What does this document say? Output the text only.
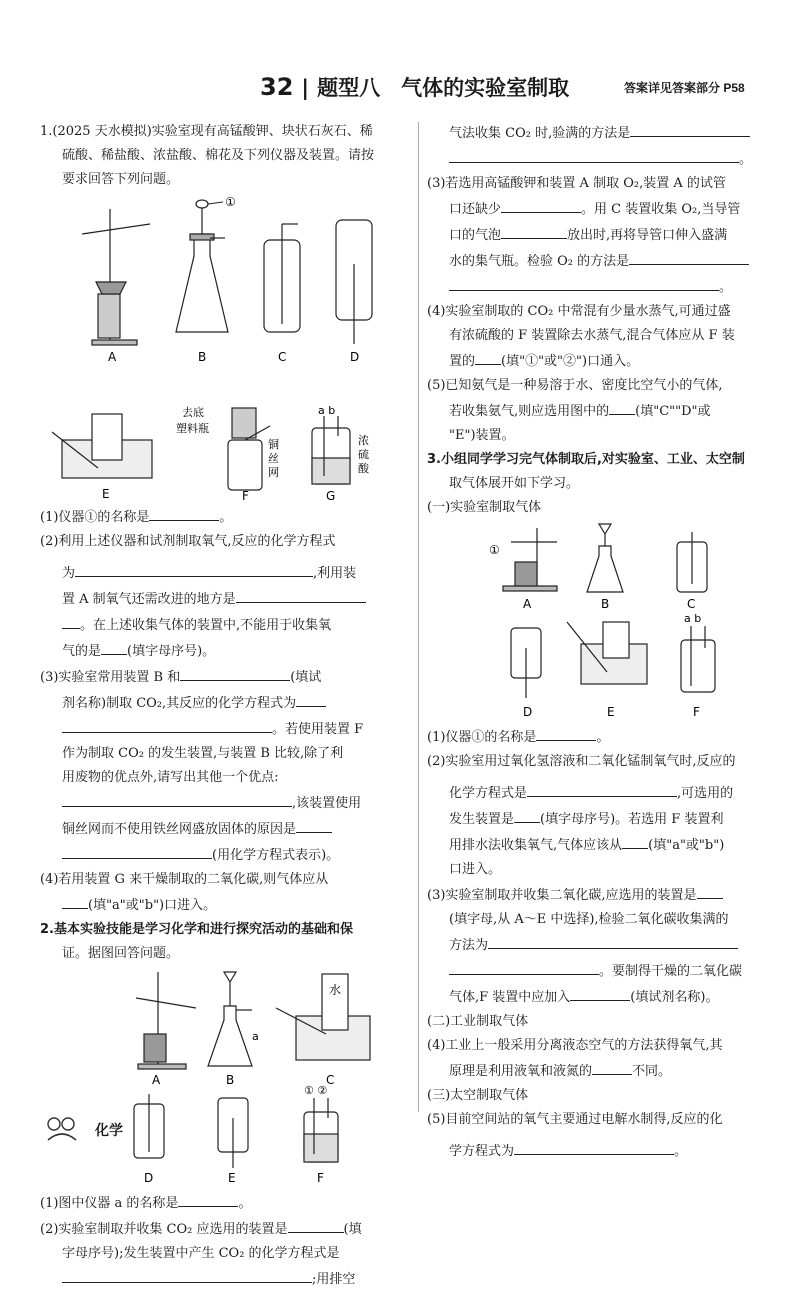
32 | 题型八　气体的实验室制取	答案详见答案部分 P58

1.(2025 天水模拟)实验室现有高锰酸钾、块状石灰石、稀

硫酸、稀盐酸、浓盐酸、棉花及下列仪器及装置。请按

要求回答下列问题。

A
①
B	C	D
E
去底
塑料瓶
铜
丝
网
F
a b
浓
硫
酸
G

(1)仪器①的名称是	。

(2)利用上述仪器和试剂制取氧气,反应的化学方程式

为	,利用装

置 A 制氧气还需改进的地方是

。在上述收集气体的装置中,不能用于收集氧

气的是 (填字母序号)。

(3)实验室常用装置 B 和	(填试

剂名称)制取 CO₂,其反应的化学方程式为

。若使用装置 F

作为制取 CO₂ 的发生装置,与装置 B 比较,除了利

用废物的优点外,请写出其他一个优点:

,该装置使用

铜丝网而不使用铁丝网盛放固体的原因是

(用化学方程式表示)。

(4)若用装置 G 来干燥制取的二氧化碳,则气体应从

(填"a"或"b")口进入。

2.基本实验技能是学习化学和进行探究活动的基础和保

证。据图回答问题。

A
a
B
水
C
D	E
① ②
F

(1)图中仪器 a 的名称是	。

(2)实验室制取并收集 CO₂ 应选用的装置是	(填

字母序号);发生装置中产生 CO₂ 的化学方程式是

;用排空

气法收集 CO₂ 时,验满的方法是

。

(3)若选用高锰酸钾和装置 A 制取 O₂,装置 A 的试管

口还缺少	。用 C 装置收集 O₂,当导管

口的气泡	放出时,再将导管口伸入盛满

水的集气瓶。检验 O₂ 的方法是

。

(4)实验室制取的 CO₂ 中常混有少量水蒸气,可通过盛

有浓硫酸的 F 装置除去水蒸气,混合气体应从 F 装

置的 (填"①"或"②")口通入。

(5)已知氨气是一种易溶于水、密度比空气小的气体,

若收集氨气,则应选用图中的 (填"C""D"或

"E")装置。

3.小组同学学习完气体制取后,对实验室、工业、太空制

取气体展开如下学习。

(一)实验室制取气体

①
A	B	C
D	E
a b
F

(1)仪器①的名称是	。

(2)实验室用过氧化氢溶液和二氧化锰制氧气时,反应的

化学方程式是	,可选用的

发生装置是 (填字母序号)。若选用 F 装置利

用排水法收集氧气,气体应该从 (填"a"或"b")

口进入。

(3)实验室制取并收集二氧化碳,应选用的装置是

(填字母,从 A～E 中选择),检验二氧化碳收集满的

方法为

。要制得干燥的二氧化碳

气体,F 装置中应加入	(填试剂名称)。

(二)工业制取气体

(4)工业上一般采用分离液态空气的方法获得氧气,其

原理是利用液氧和液氮的	不同。

(三)太空制取气体

(5)目前空间站的氧气主要通过电解水制得,反应的化

学方程式为	。

化学
